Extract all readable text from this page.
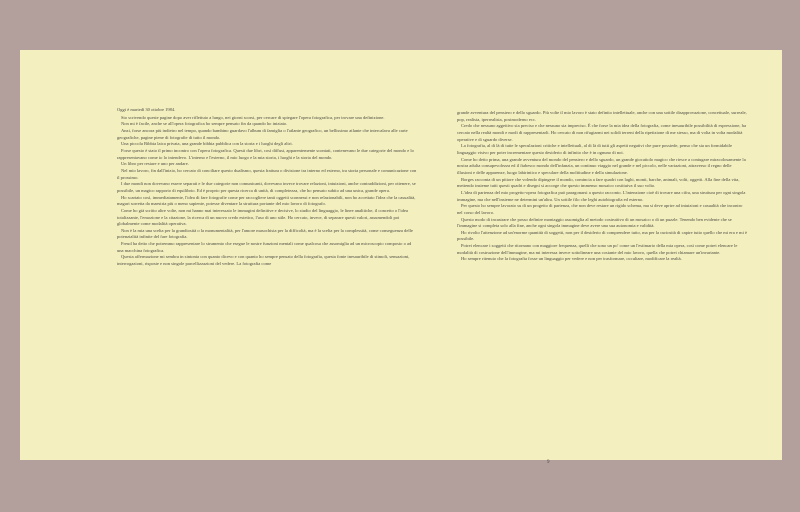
Oggi è martedì 30 ottobre 1984.

Sto scrivendo queste pagine dopo aver riflettuto a lungo, nei giorni scorsi, per cercare di spiegare l'opera fotografica, per trovare una definizione.

Non mi è facile, anche se all'opera fotografica ho sempre pensato fin da quando ho iniziato.

Anzi, forse ancora più indietro nel tempo, quando bambino guardavo l'album di famiglia o l'atlante geografico, un bellissimo atlante che intercalava alle carte geografiche, pagine piene di fotografie di tutto il mondo.

Una piccola Bibbia laica privata, una grande bibbia pubblica con la storia e i luoghi degli altri.

Forse questo è stato il primo incontro con l'opera fotografica. Questi due libri, così diffusi, apparentemente scontati, contenevano le due categorie del mondo e lo rappresentavano come io lo intendevo. L'interno e l'esterno, il mio luogo e la mia storia, i luoghi e la storia del mondo.

Un libro per restare e uno per andare.

Nel mio lavoro, fin dall'inizio, ho cercato di conciliare questo dualismo, questa frattura o divisione tra interno ed esterno, tra storia personale e comunicazione con il prossimo.

I due mondi non dovevano essere separati e le due categorie non comunicanti, dovevano invece trovare relazioni, intuizioni, anche contraddizioni, per ottenere, se possibile, un magico rapporto di equilibrio. Ed è proprio per questa ricerca di unità, di completezza, che ho pensato subito ad una unica, grande opera.

Ho scartato così, immediatamente, l'idea di fare fotografie come per raccogliere tanti oggetti sconnessi e non relazionabili, non ho accettato l'idea che la casualità, magari sorretta da maestria più o meno sapiente, potesse diventare la struttura portante del mio lavoro di fotografo.

Come ho già scritto altre volte, non mi hanno mai interessato le immagini definitive e decisive, lo studio del linguaggio, le linee analitiche, il concetto o l'idea totalizzante, l'emozione e la citazione, la ricerca di un nuovo credo estetico, l'uso di uno stile. Ho cercato, invece, di separare questi valori, assumendoli poi globalmente come modalità operativa.

Non è la mia una scelta per la grandiosità o la monumentalità, per l'amore masochista per la difficoltà, ma è la scelta per la complessità, come conseguenza delle potenzialità infinite del fare fotografia.

Freud ha detto che potremmo rappresentare lo strumento che esegue le nostre funzioni mentali come qualcosa che assomiglia ad un microscopio composto o ad una macchina fotografica.

Questa affermazione mi sembra in sintonia con quanto dicevo e con quanto ho sempre pensato della fotografia, questa fonte inesauribile di stimoli, sensazioni, interrogazioni, risposte e non singole parcellizzazioni del vedere. La fotografia come

grande avventura del pensiero e dello sguardo. Più volte il mio lavoro è stato definito intellettuale, anche con una sottile disapprovazione, concettuale, surreale, pop, realista, iperrealista, postmoderno ecc.

Credo che nessuno aggettivo sia preciso e che nessuno sia impreciso. È che forse la mia idea della fotografia, come inesauribile possibilità di espressione, ha cercato nella realtà mondi e modi di rappresentarli. Ho cercato di non rifugiarmi nei solidi terreni della ripetizione di me stesso, ma di volta in volta modalità operative e di sguardo diverse.

La fotografia, al di là di tutte le speculazioni critiche e intellettuali, al di là di tutti gli aspetti negativi che pure possiede, penso che sia un formidabile linguaggio visivo per poter incrementare questo desiderio di infinito che è in ognuno di noi.

Come ho detto prima, una grande avventura del mondo del pensiero e dello sguardo, un grande giocattolo magico che riesce a coniugare miracolosamente la nostra adulta consapevolezza ed il fiabesco mondo dell'infanzia, un continuo viaggio nel grande e nel piccolo, nelle variazioni, attraverso il regno delle illusioni e delle apparenze, luogo labirintico e speculare della moltitudine e della simulazione.

Borges racconta di un pittore che volendo dipingere il mondo, comincia a fare quadri con laghi, monti, barche, animali, volti, oggetti. Alla fine della vita, mettendo insieme tutti questi quadri e disegni si accorge che questo immenso mosaico costituiva il suo volto.

L'idea di partenza del mio progetto-opera fotografica può paragonarsi a questo racconto. L'intenzione cioè di trovare una cifra, una struttura per ogni singola immagine, ma che nell'insieme ne determini un'altra. Un sottile filo che leghi autobiografia ed esterno.

Per questo ho sempre lavorato su di un progetto di partenza, che non deve restare un rigido schema, ma si deve aprire ad intuizioni e casualità che incontro nel corso del lavoro.

Questo modo di incastrare che posso definire montaggio assomiglia al metodo costruttivo di un mosaico o di un puzzle. Tenendo ben evidente che se l'immagine si completa solo alla fine, anche ogni singola immagine deve avere una sua autonomia e validità.

Ho rivolto l'attenzione ad un'enorme quantità di soggetti, non per il desiderio di comprendere tutto, ma per la curiosità di capire tutto quello che mi era e mi è possibile.

Potrei elencare i soggetti che ritornano con maggiore frequenza, quelli che sono un po' come un l'estimario della mia opera, così come potrei elencare le modalità di costruzione dell'immagine, ma mi interessa invece sottolineare una costante del mio lavoro, quella che potrei chiamare un'invariante.

Ho sempre ritenuto che la fotografia fosse un linguaggio per vedere e non per trasformare, occultare, modificare la realtà.

9
